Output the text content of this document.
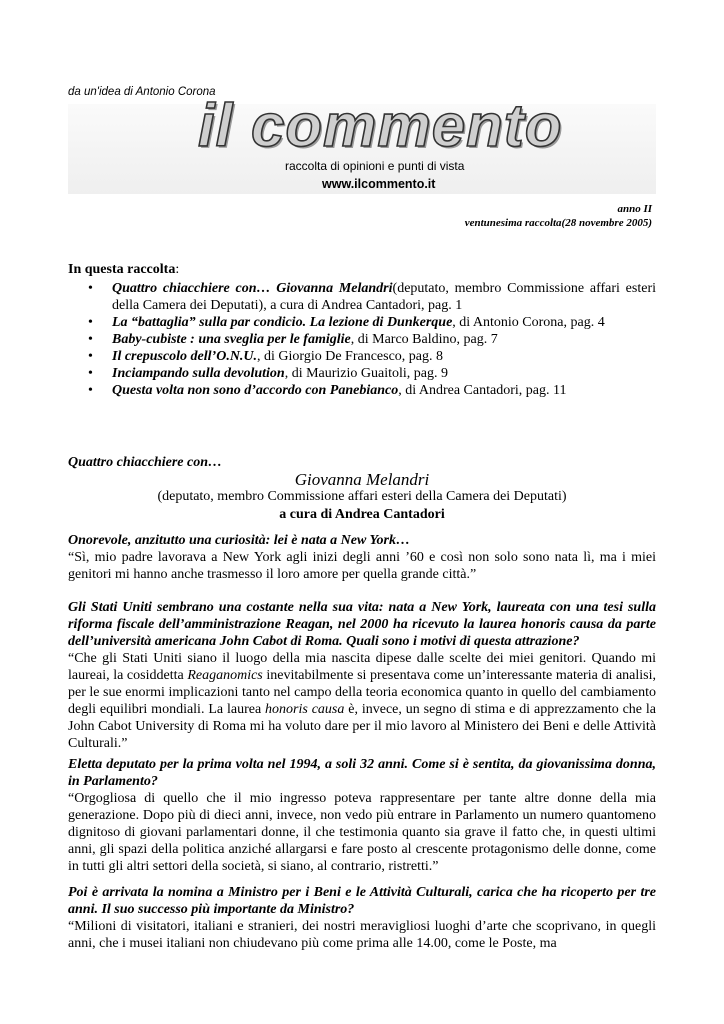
da un'idea di Antonio Corona
il commento
raccolta di opinioni e punti di vista
www.ilcommento.it
anno II
ventunesima raccolta(28 novembre 2005)
In questa raccolta:
• Quattro chiacchiere con… Giovanna Melandri(deputato, membro Commissione affari esteri della Camera dei Deputati), a cura di Andrea Cantadori, pag. 1
• La “battaglia” sulla par condicio. La lezione di Dunkerque, di Antonio Corona, pag. 4
• Baby-cubiste : una sveglia per le famiglie, di Marco Baldino, pag. 7
• Il crepuscolo dell’O.N.U., di Giorgio De Francesco, pag. 8
• Inciampando sulla devolution, di Maurizio Guaitoli, pag. 9
• Questa volta non sono d’accordo con Panebianco, di Andrea Cantadori, pag. 11
Quattro chiacchiere con…
Giovanna Melandri
(deputato, membro Commissione affari esteri della Camera dei Deputati)
a cura di Andrea Cantadori

Onorevole, anzitutto una curiosità: lei è nata a New York…

“Sì, mio padre lavorava a New York agli inizi degli anni ’60 e così non solo sono nata lì, ma i miei genitori mi hanno anche trasmesso il loro amore per quella grande città.”

Gli Stati Uniti sembrano una costante nella sua vita: nata a New York, laureata con una tesi sulla riforma fiscale dell’amministrazione Reagan, nel 2000 ha ricevuto la laurea honoris causa da parte dell’università americana John Cabot di Roma. Quali sono i motivi di questa attrazione?

“Che gli Stati Uniti siano il luogo della mia nascita dipese dalle scelte dei miei genitori. Quando mi laureai, la cosiddetta Reaganomics inevitabilmente si presentava come un’interessante materia di analisi, per le sue enormi implicazioni tanto nel campo della teoria economica quanto in quello del cambiamento degli equilibri mondiali. La laurea honoris causa è, invece, un segno di stima e di apprezzamento che la John Cabot University di Roma mi ha voluto dare per il mio lavoro al Ministero dei Beni e delle Attività Culturali.”

Eletta deputato per la prima volta nel 1994, a soli 32 anni. Come si è sentita, da giovanissima donna, in Parlamento?

“Orgogliosa di quello che il mio ingresso poteva rappresentare per tante altre donne della mia generazione. Dopo più di dieci anni, invece, non vedo più entrare in Parlamento un numero quantomeno dignitoso di giovani parlamentari donne, il che testimonia quanto sia grave il fatto che, in questi ultimi anni, gli spazi della politica anziché allargarsi e fare posto al crescente protagonismo delle donne, come in tutti gli altri settori della società, si siano, al contrario, ristretti.”

Poi è arrivata la nomina a Ministro per i Beni e le Attività Culturali, carica che ha ricoperto per tre anni. Il suo successo più importante da Ministro?

“Milioni di visitatori, italiani e stranieri, dei nostri meravigliosi luoghi d’arte che scoprivano, in quegli anni, che i musei italiani non chiudevano più come prima alle 14.00, come le Poste, ma
